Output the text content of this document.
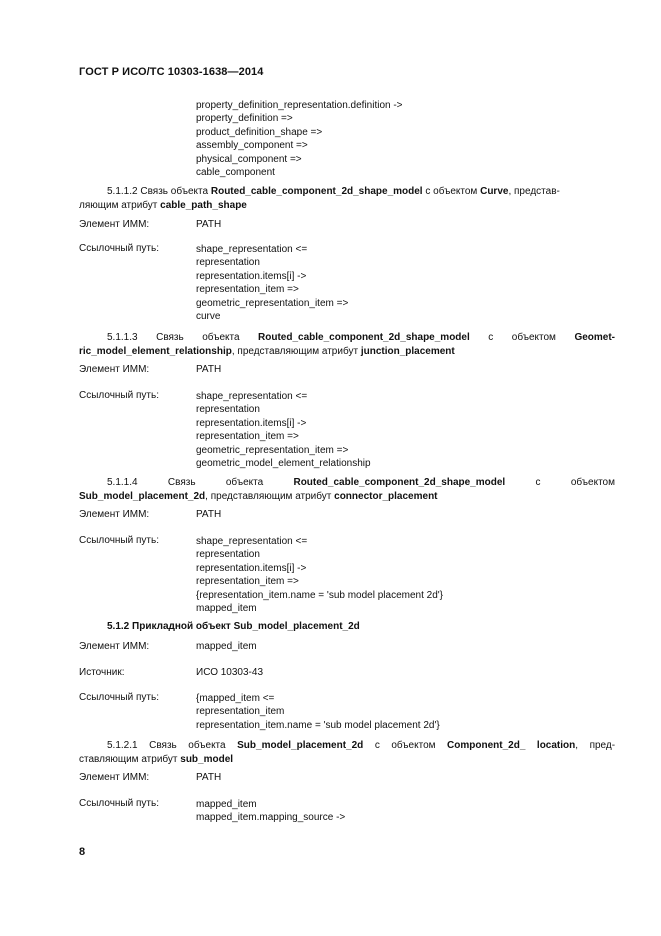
ГОСТ Р ИСО/ТС 10303-1638—2014
property_definition_representation.definition ->
property_definition =>
product_definition_shape =>
assembly_component =>
physical_component =>
cable_component
5.1.1.2 Связь объекта Routed_cable_component_2d_shape_model с объектом Curve, представ-
ляющим атрибут cable_path_shape
Элемент ИММ:	PATH
Ссылочный путь:	shape_representation <=
representation
representation.items[i] ->
representation_item =>
geometric_representation_item =>
curve
5.1.1.3 Связь объекта Routed_cable_component_2d_shape_model c объектом Geomet-
ric_model_element_relationship, представляющим атрибут junction_placement
Элемент ИММ:	PATH
Ссылочный путь:	shape_representation <=
representation
representation.items[i] ->
representation_item =>
geometric_representation_item =>
geometric_model_element_relationship
5.1.1.4	Связь	объекта	Routed_cable_component_2d_shape_model	с	объектом
Sub_model_placement_2d, представляющим атрибут connector_placement
Элемент ИММ:	PATH
Ссылочный путь:	shape_representation <=
representation
representation.items[i] ->
representation_item =>
{representation_item.name = 'sub model placement 2d'}
mapped_item
5.1.2 Прикладной объект Sub_model_placement_2d
Элемент ИММ:	mapped_item
Источник:	ИСО 10303-43
Ссылочный путь:	{mapped_item <=
representation_item
representation_item.name = 'sub model placement 2d'}
5.1.2.1 Связь объекта Sub_model_placement_2d с объектом Component_2d_ location, пред-
ставляющим атрибут sub_model
Элемент ИММ:	PATH
Ссылочный путь:	mapped_item
mapped_item.mapping_source ->
8
